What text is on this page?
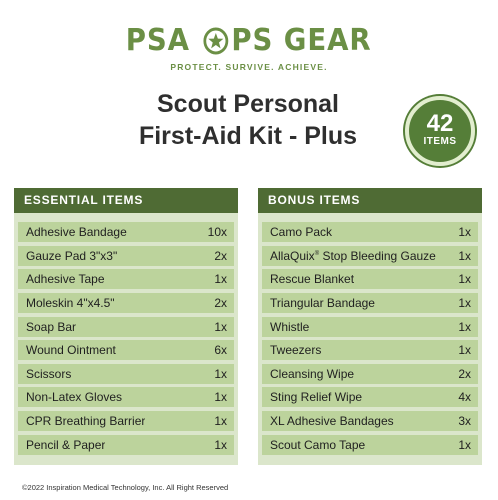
PSA PS GEAR
PROTECT. SURVIVE. ACHIEVE.
Scout Personal
First-Aid Kit - Plus	42
ITEMS
ESSENTIAL ITEMS
Adhesive Bandage	10x
Gauze Pad 3"x3"	2x
Adhesive Tape	1x
Moleskin 4"x4.5"	2x
Soap Bar	1x
Wound Ointment	6x
Scissors	1x
Non-Latex Gloves	1x
CPR Breathing Barrier	1x
Pencil & Paper	1x
BONUS ITEMS
Camo Pack	1x
AllaQuix® Stop Bleeding Gauze 1x
Rescue Blanket	1x
Triangular Bandage	1x
Whistle	1x
Tweezers	1x
Cleansing Wipe	2x
Sting Relief Wipe	4x
XL Adhesive Bandages	3x
Scout Camo Tape	1x
©2022 Inspiration Medical Technology, Inc. All Right Reserved
